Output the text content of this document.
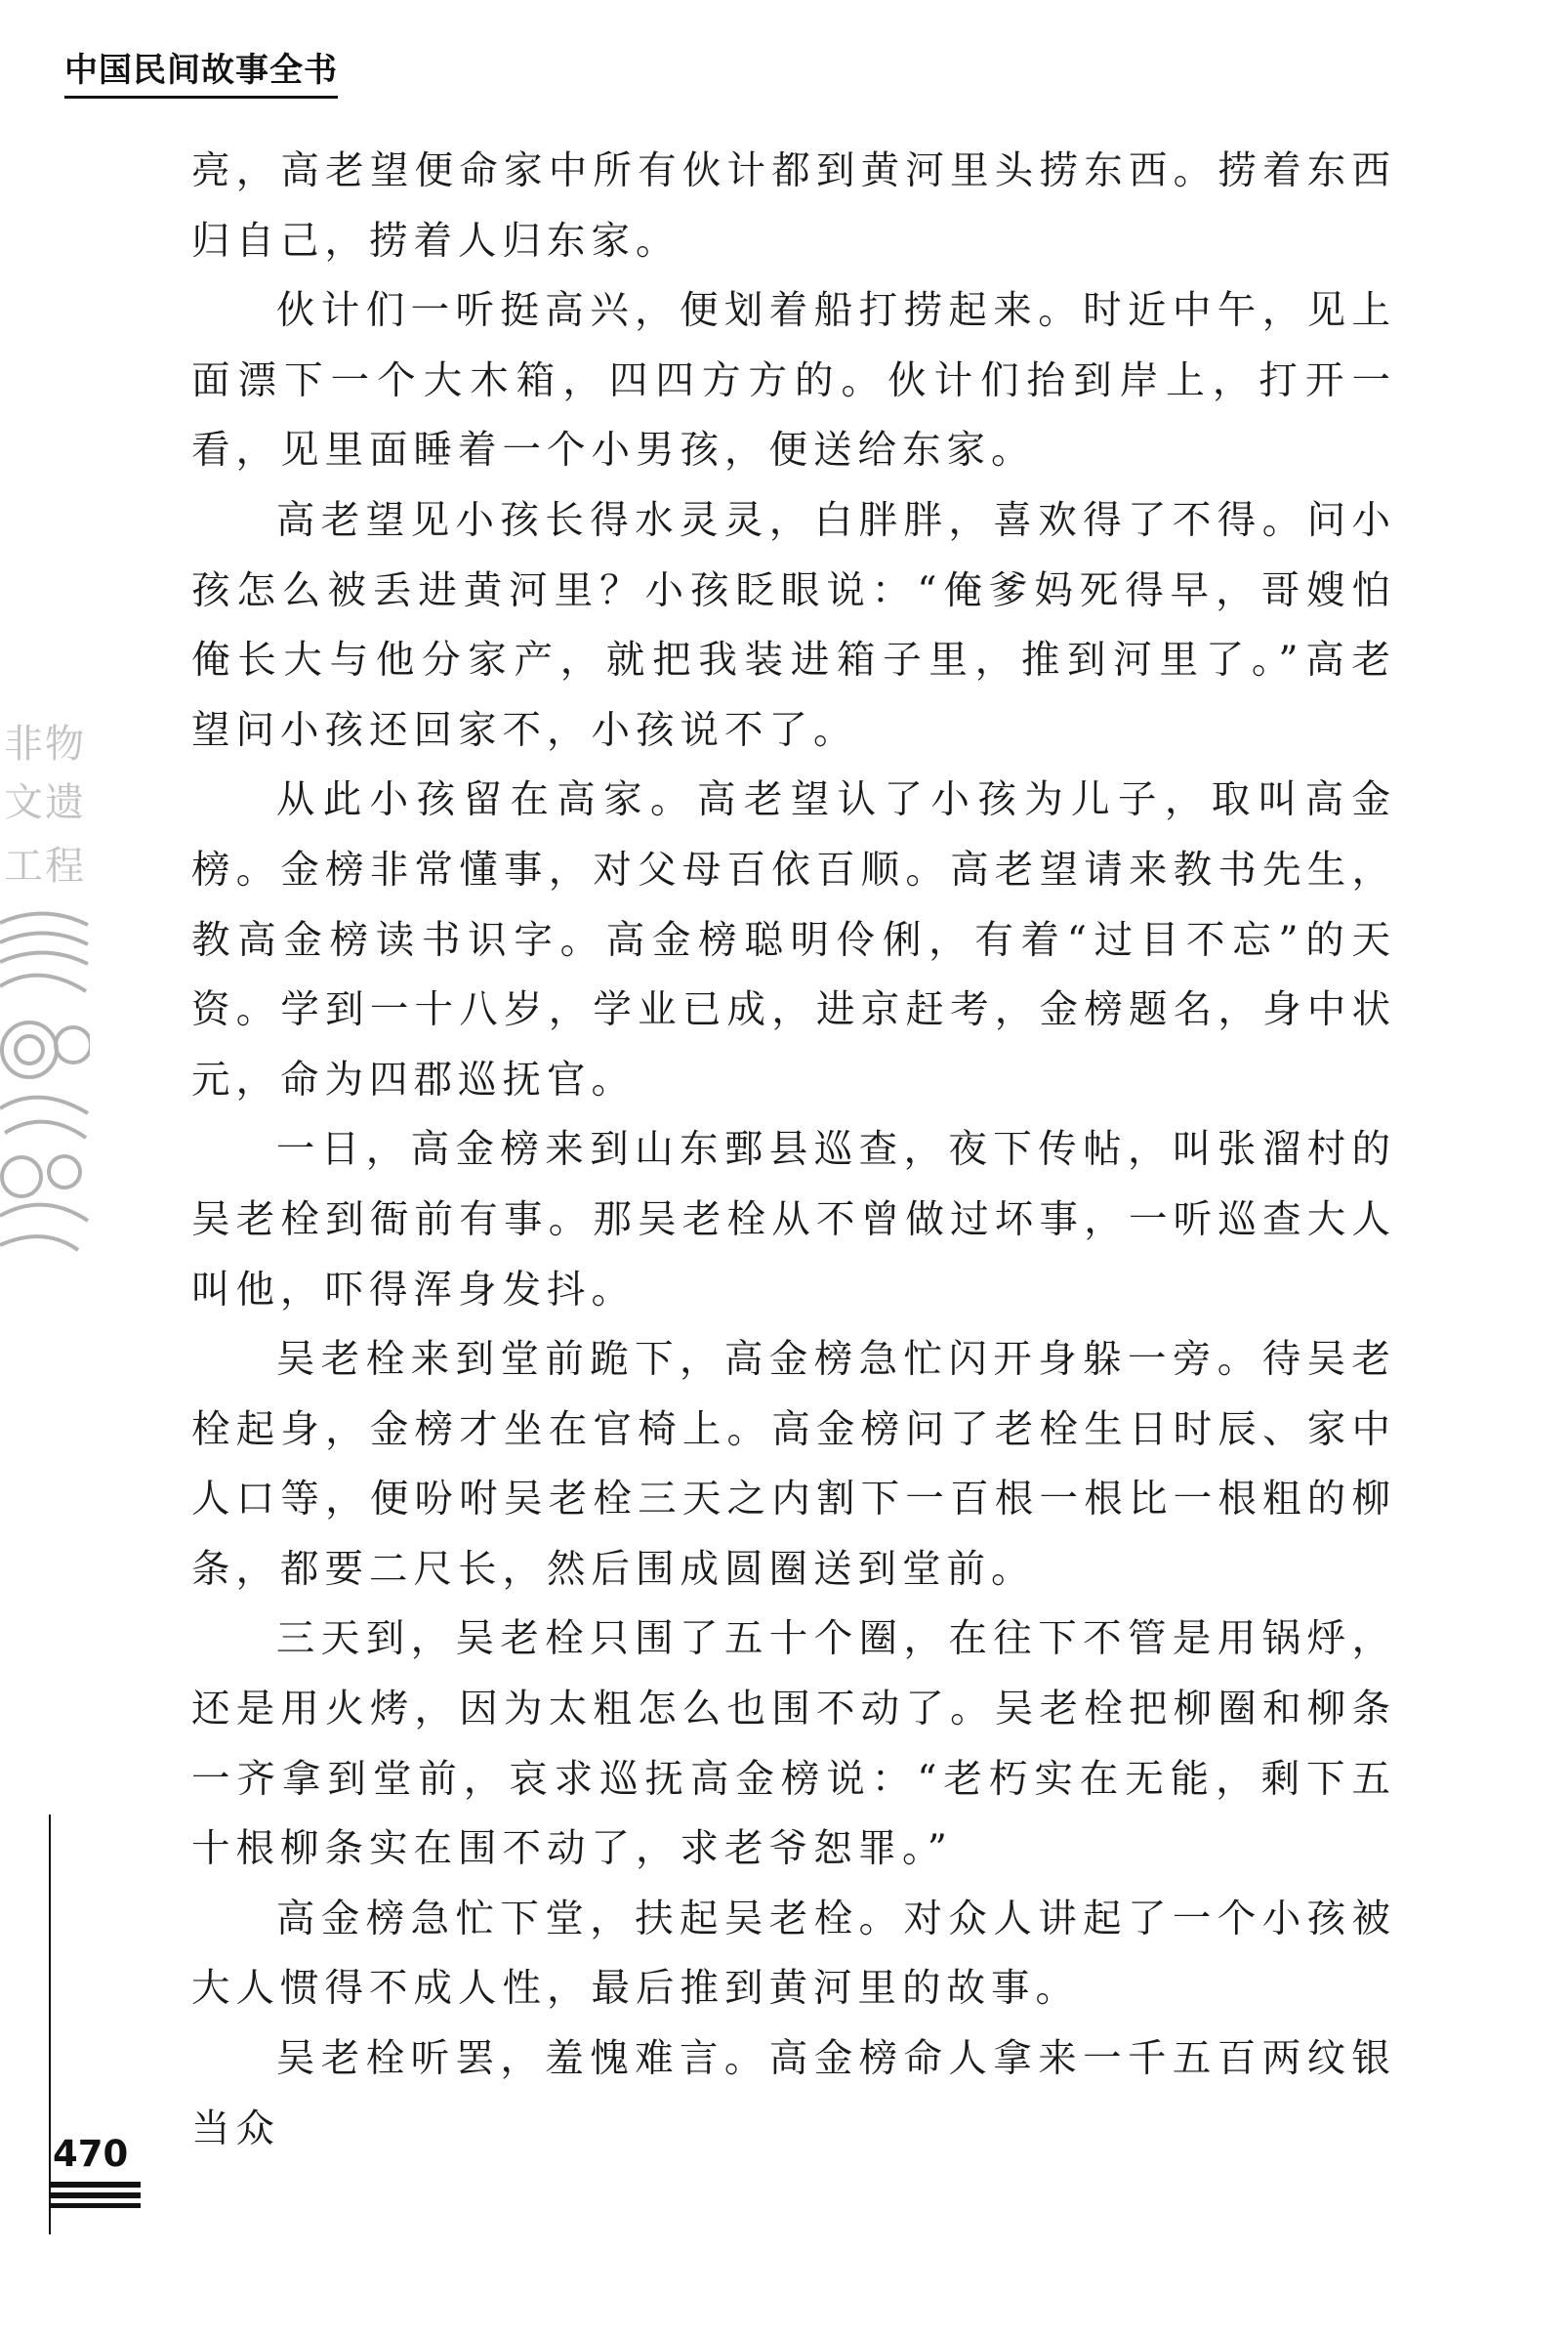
中国民间故事全书

亮，高老望便命家中所有伙计都到黄河里头捞东西。捞着东西归自己，捞着人归东家。

伙计们一听挺高兴，便划着船打捞起来。时近中午，见上面漂下一个大木箱，四四方方的。伙计们抬到岸上，打开一看，见里面睡着一个小男孩，便送给东家。

高老望见小孩长得水灵灵，白胖胖，喜欢得了不得。问小孩怎么被丢进黄河里？小孩眨眼说：“俺爹妈死得早，哥嫂怕俺长大与他分家产，就把我装进箱子里，推到河里了。”高老望问小孩还回家不，小孩说不了。

从此小孩留在高家。高老望认了小孩为儿子，取叫高金榜。金榜非常懂事，对父母百依百顺。高老望请来教书先生，教高金榜读书识字。高金榜聪明伶俐，有着“过目不忘”的天资。学到一十八岁，学业已成，进京赶考，金榜题名，身中状元，命为四郡巡抚官。

一日，高金榜来到山东鄄县巡查，夜下传帖，叫张溜村的吴老栓到衙前有事。那吴老栓从不曾做过坏事，一听巡查大人叫他，吓得浑身发抖。

吴老栓来到堂前跪下，高金榜急忙闪开身躲一旁。待吴老栓起身，金榜才坐在官椅上。高金榜问了老栓生日时辰、家中人口等，便吩咐吴老栓三天之内割下一百根一根比一根粗的柳条，都要二尺长，然后围成圆圈送到堂前。

三天到，吴老栓只围了五十个圈，在往下不管是用锅烀，还是用火烤，因为太粗怎么也围不动了。吴老栓把柳圈和柳条一齐拿到堂前，哀求巡抚高金榜说：“老朽实在无能，剩下五十根柳条实在围不动了，求老爷恕罪。”

高金榜急忙下堂，扶起吴老栓。对众人讲起了一个小孩被大人惯得不成人性，最后推到黄河里的故事。

吴老栓听罢，羞愧难言。高金榜命人拿来一千五百两纹银当众

非 物
文 遗
工 程
470
